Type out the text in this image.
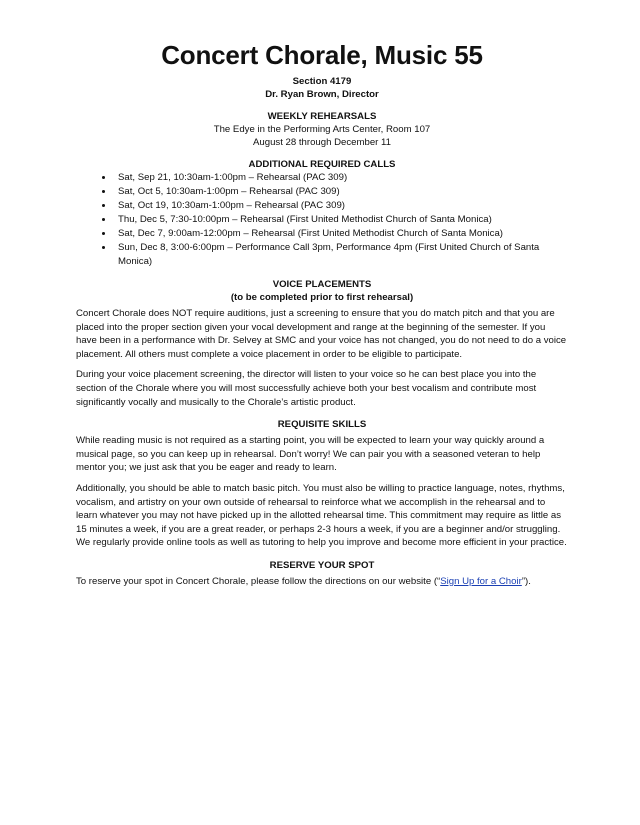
Concert Chorale, Music 55
Section 4179
Dr. Ryan Brown, Director
WEEKLY REHEARSALS
The Edye in the Performing Arts Center, Room 107
August 28 through December 11
ADDITIONAL REQUIRED CALLS
• Sat, Sep 21, 10:30am-1:00pm – Rehearsal (PAC 309)
• Sat, Oct 5, 10:30am-1:00pm – Rehearsal (PAC 309)
• Sat, Oct 19, 10:30am-1:00pm – Rehearsal (PAC 309)
• Thu, Dec 5, 7:30-10:00pm – Rehearsal (First United Methodist Church of Santa Monica)
• Sat, Dec 7, 9:00am-12:00pm – Rehearsal (First United Methodist Church of Santa Monica)
• Sun, Dec 8, 3:00-6:00pm – Performance Call 3pm, Performance 4pm (First United Church of Santa Monica)
VOICE PLACEMENTS
(to be completed prior to first rehearsal)

Concert Chorale does NOT require auditions, just a screening to ensure that you do match pitch and that you are placed into the proper section given your vocal development and range at the beginning of the semester. If you have been in a performance with Dr. Selvey at SMC and your voice has not changed, you do not need to do a voice placement. All others must complete a voice placement in order to be eligible to participate.

During your voice placement screening, the director will listen to your voice so he can best place you into the section of the Chorale where you will most successfully achieve both your best vocalism and contribute most significantly vocally and musically to the Chorale’s artistic product.

REQUISITE SKILLS

While reading music is not required as a starting point, you will be expected to learn your way quickly around a musical page, so you can keep up in rehearsal. Don’t worry! We can pair you with a seasoned veteran to help mentor you; we just ask that you be eager and ready to learn.

Additionally, you should be able to match basic pitch. You must also be willing to practice language, notes, rhythms, vocalism, and artistry on your own outside of rehearsal to reinforce what we accomplish in the rehearsal and to learn whatever you may not have picked up in the allotted rehearsal time. This commitment may require as little as 15 minutes a week, if you are a great reader, or perhaps 2-3 hours a week, if you are a beginner and/or struggling. We regularly provide online tools as well as tutoring to help you improve and become more efficient in your practice.

RESERVE YOUR SPOT

To reserve your spot in Concert Chorale, please follow the directions on our website (“Sign Up for a Choir”).
